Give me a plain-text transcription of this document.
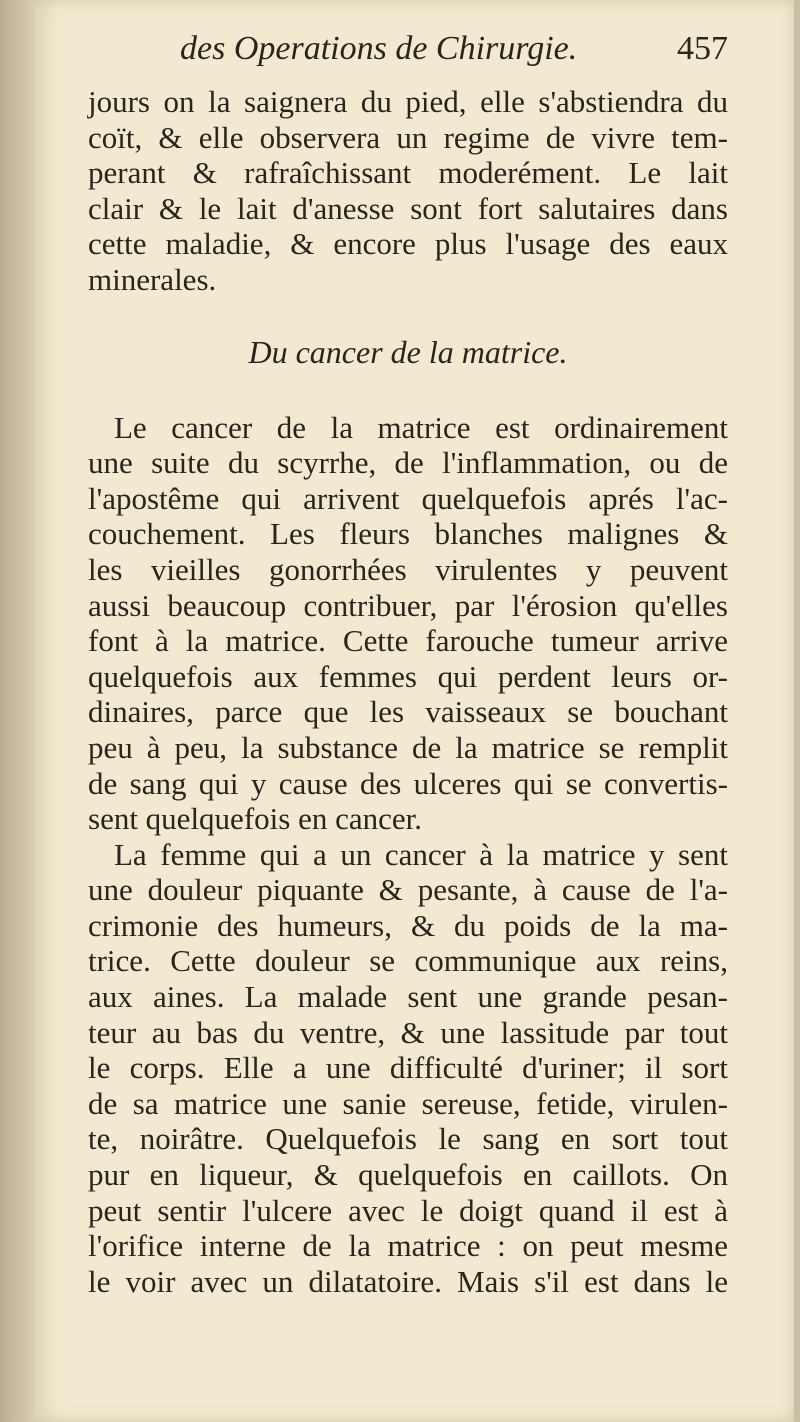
des Operations de Chirurgie.	457
jours on la saignera du pied, elle s'abstiendra du
coït, & elle observera un regime de vivre tem-
perant & rafraîchissant moderément. Le lait
clair & le lait d'anesse sont fort salutaires dans
cette maladie, & encore plus l'usage des eaux
minerales.
Du cancer de la matrice.
Le cancer de la matrice est ordinairement
une suite du scyrrhe, de l'inflammation, ou de
l'apostême qui arrivent quelquefois aprés l'ac-
couchement. Les fleurs blanches malignes &
les vieilles gonorrhées virulentes y peuvent
aussi beaucoup contribuer, par l'érosion qu'elles
font à la matrice. Cette farouche tumeur arrive
quelquefois aux femmes qui perdent leurs or-
dinaires, parce que les vaisseaux se bouchant
peu à peu, la substance de la matrice se remplit
de sang qui y cause des ulceres qui se convertis-
sent quelquefois en cancer.
La femme qui a un cancer à la matrice y sent
une douleur piquante & pesante, à cause de l'a-
crimonie des humeurs, & du poids de la ma-
trice. Cette douleur se communique aux reins,
aux aines. La malade sent une grande pesan-
teur au bas du ventre, & une lassitude par tout
le corps. Elle a une difficulté d'uriner; il sort
de sa matrice une sanie sereuse, fetide, virulen-
te, noirâtre. Quelquefois le sang en sort tout
pur en liqueur, & quelquefois en caillots. On
peut sentir l'ulcere avec le doigt quand il est à
l'orifice interne de la matrice : on peut mesme
le voir avec un dilatatoire. Mais s'il est dans le
